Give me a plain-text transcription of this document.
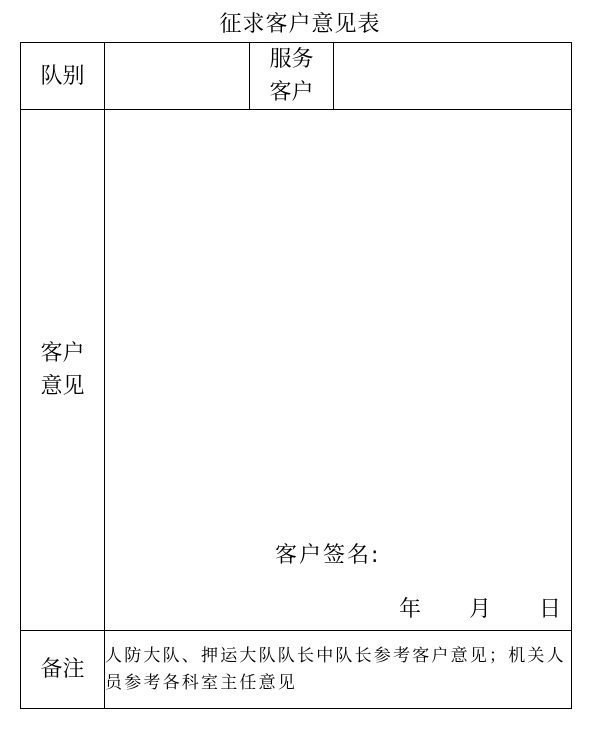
征求客户意见表
队别		服务客户	
客户意见	客户签名:
年 月 日		

备注	人防大队、押运大队队长中队长参考客户意见；机关人员参考各科室主任意见		
